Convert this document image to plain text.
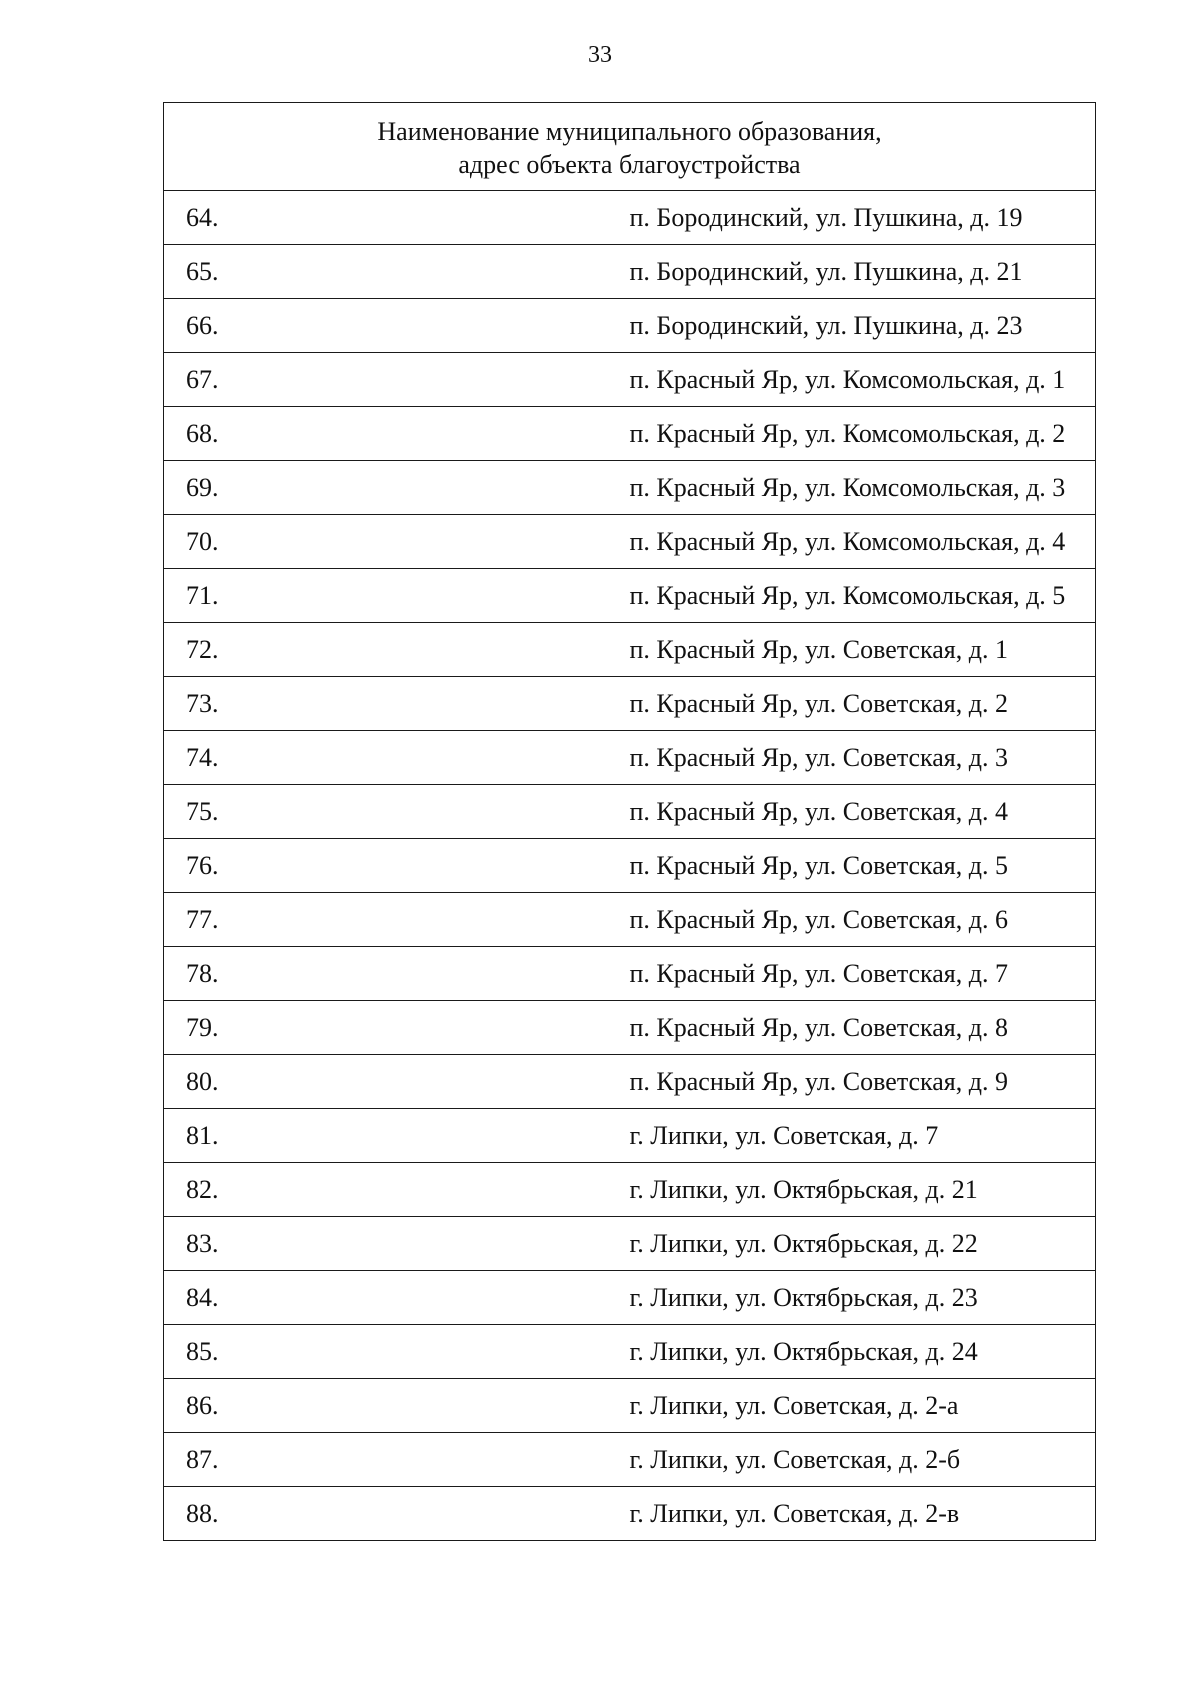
33
Наименование муниципального образования,
адрес объекта благоустройства	

64.	п. Бородинский, ул. Пушкина, д. 19
65.	п. Бородинский, ул. Пушкина, д. 21
66.	п. Бородинский, ул. Пушкина, д. 23
67.	п. Красный Яр, ул. Комсомольская, д. 1
68.	п. Красный Яр, ул. Комсомольская, д. 2
69.	п. Красный Яр, ул. Комсомольская, д. 3
70.	п. Красный Яр, ул. Комсомольская, д. 4
71.	п. Красный Яр, ул. Комсомольская, д. 5
72.	п. Красный Яр, ул. Советская, д. 1
73.	п. Красный Яр, ул. Советская, д. 2
74.	п. Красный Яр, ул. Советская, д. 3
75.	п. Красный Яр, ул. Советская, д. 4
76.	п. Красный Яр, ул. Советская, д. 5
77.	п. Красный Яр, ул. Советская, д. 6
78.	п. Красный Яр, ул. Советская, д. 7
79.	п. Красный Яр, ул. Советская, д. 8
80.	п. Красный Яр, ул. Советская, д. 9
81.	г. Липки, ул. Советская, д. 7
82.	г. Липки, ул. Октябрьская, д. 21
83.	г. Липки, ул. Октябрьская, д. 22
84.	г. Липки, ул. Октябрьская, д. 23
85.	г. Липки, ул. Октябрьская, д. 24
86.	г. Липки, ул. Советская, д. 2-а
87.	г. Липки, ул. Советская, д. 2-б
88.	г. Липки, ул. Советская, д. 2-в
